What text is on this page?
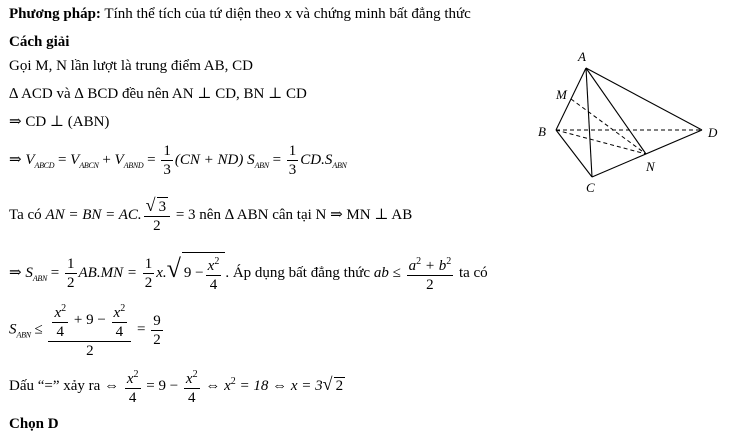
Phương pháp: Tính thể tích của tứ diện theo x và chứng minh bất đẳng thức
Cách giải
Gọi M, N lần lượt là trung điểm AB, CD
∆ ACD và ∆ BCD đều nên AN ⊥ CD, BN ⊥ CD
⇒ CD ⊥ (ABN)
⇒ $V_{ABCD} = V_{ABCN} + V_{ABND} = \frac{1}{3} (CN + ND) S_{ABN} = \frac{1}{3} CD.S_{ABN}$
Ta có AN = BN = AC. $\frac{√ 3}{2} = 3$ nên ∆ ABN cân tại N ⇒ MN ⊥ AB
⇒ $S_{ABN} = \frac{1}{2} AB.MN = \frac{1}{2} x.√$ $9 - \frac{x^2}{4}$ . Áp dụng bất đẳng thức ab ≤ $\frac{a^2 + b^2}{2}$ ta có
$S_{ABN} \le \frac{\frac{x^2}{4} + 9 - \frac{x^2}{4}}{2} = \frac{9}{2}$
Dấu “=” xảy ra ⇔ $\frac{x^2}{4} = 9 - \frac{x^2}{4}$ ⇔ $x^2 = 18$ ⇔ x = 3√ 2
Chọn D
A
M
B	D
N
C
